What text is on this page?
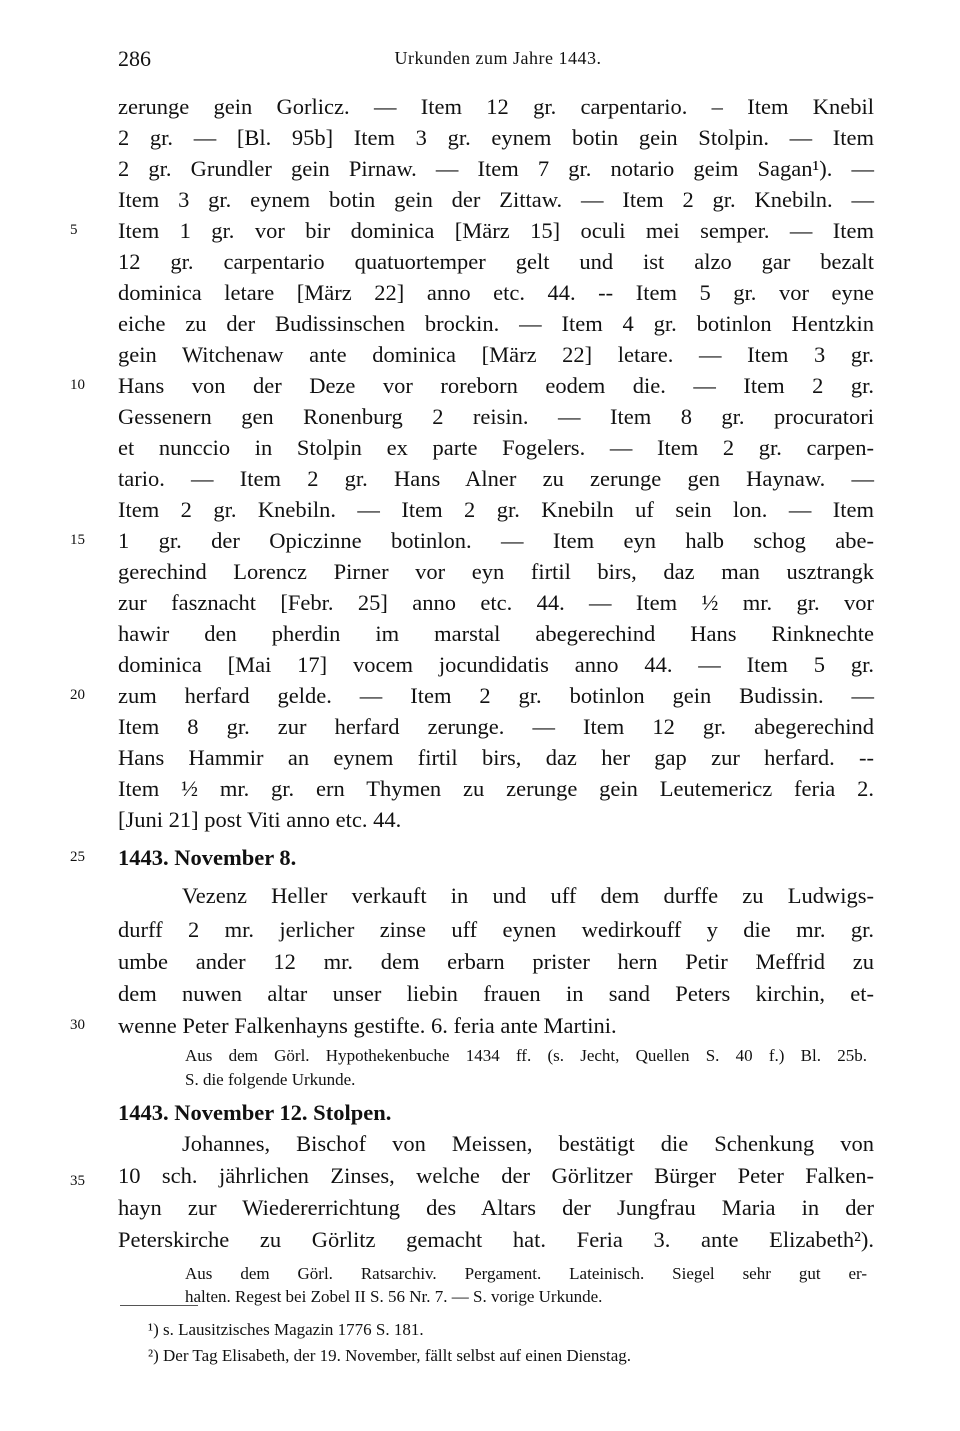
286	Urkunden zum Jahre 1443.
zerunge gein Gorlicz. — Item 12 gr. carpentario. – Item Knebil
2 gr. — [Bl. 95b] Item 3 gr. eynem botin gein Stolpin. — Item
2 gr. Grundler gein Pirnaw. — Item 7 gr. notario geim Sagan¹). —
Item 3 gr. eynem botin gein der Zittaw. — Item 2 gr. Knebiln. —
Item 1 gr. vor bir dominica [März 15] oculi mei semper. — Item
12 gr. carpentario quatuortemper gelt und ist alzo gar bezalt
dominica letare [März 22] anno etc. 44. -- Item 5 gr. vor eyne
eiche zu der Budissinschen brockin. — Item 4 gr. botinlon Hentzkin
gein Witchenaw ante dominica [März 22] letare. — Item 3 gr.
Hans von der Deze vor roreborn eodem die. — Item 2 gr.
Gessenern gen Ronenburg 2 reisin. — Item 8 gr. procuratori
et nunccio in Stolpin ex parte Fogelers. — Item 2 gr. carpen-
tario. — Item 2 gr. Hans Alner zu zerunge gen Haynaw. —
Item 2 gr. Knebiln. — Item 2 gr. Knebiln uf sein lon. — Item
1 gr. der Opiczinne botinlon. — Item eyn halb schog abe-
gerechind Lorencz Pirner vor eyn firtil birs, daz man usztrangk
zur fasznacht [Febr. 25] anno etc. 44. — Item ½ mr. gr. vor
hawir den pherdin im marstal abegerechind Hans Rinknechte
dominica [Mai 17] vocem jocundidatis anno 44. — Item 5 gr.
zum herfard gelde. — Item 2 gr. botinlon gein Budissin. —
Item 8 gr. zur herfard zerunge. — Item 12 gr. abegerechind
Hans Hammir an eynem firtil birs, daz her gap zur herfard. --
Item ½ mr. gr. ern Thymen zu zerunge gein Leutemericz feria 2.
[Juni 21] post Viti anno etc. 44.
5
10
15
20
25
30
35
1443. November 8.
Vezenz Heller verkauft in und uff dem durffe zu Ludwigs-
durff 2 mr. jerlicher zinse uff eynen wedirkouff y die mr. gr.
umbe ander 12 mr. dem erbarn prister hern Petir Meffrid zu
dem nuwen altar unser liebin frauen in sand Peters kirchin, et-
wenne Peter Falkenhayns gestifte. 6. feria ante Martini.
Aus dem Görl. Hypothekenbuche 1434 ff. (s. Jecht, Quellen S. 40 f.) Bl. 25b.
S. die folgende Urkunde.
1443. November 12. Stolpen.
Johannes, Bischof von Meissen, bestätigt die Schenkung von
10 sch. jährlichen Zinses, welche der Görlitzer Bürger Peter Falken-
hayn zur Wiedererrichtung des Altars der Jungfrau Maria in der
Peterskirche zu Görlitz gemacht hat. Feria 3. ante Elizabeth²).
Aus dem Görl. Ratsarchiv. Pergament. Lateinisch. Siegel sehr gut er-
halten. Regest bei Zobel II S. 56 Nr. 7. — S. vorige Urkunde.
¹) s. Lausitzisches Magazin 1776 S. 181.
²) Der Tag Elisabeth, der 19. November, fällt selbst auf einen Dienstag.
